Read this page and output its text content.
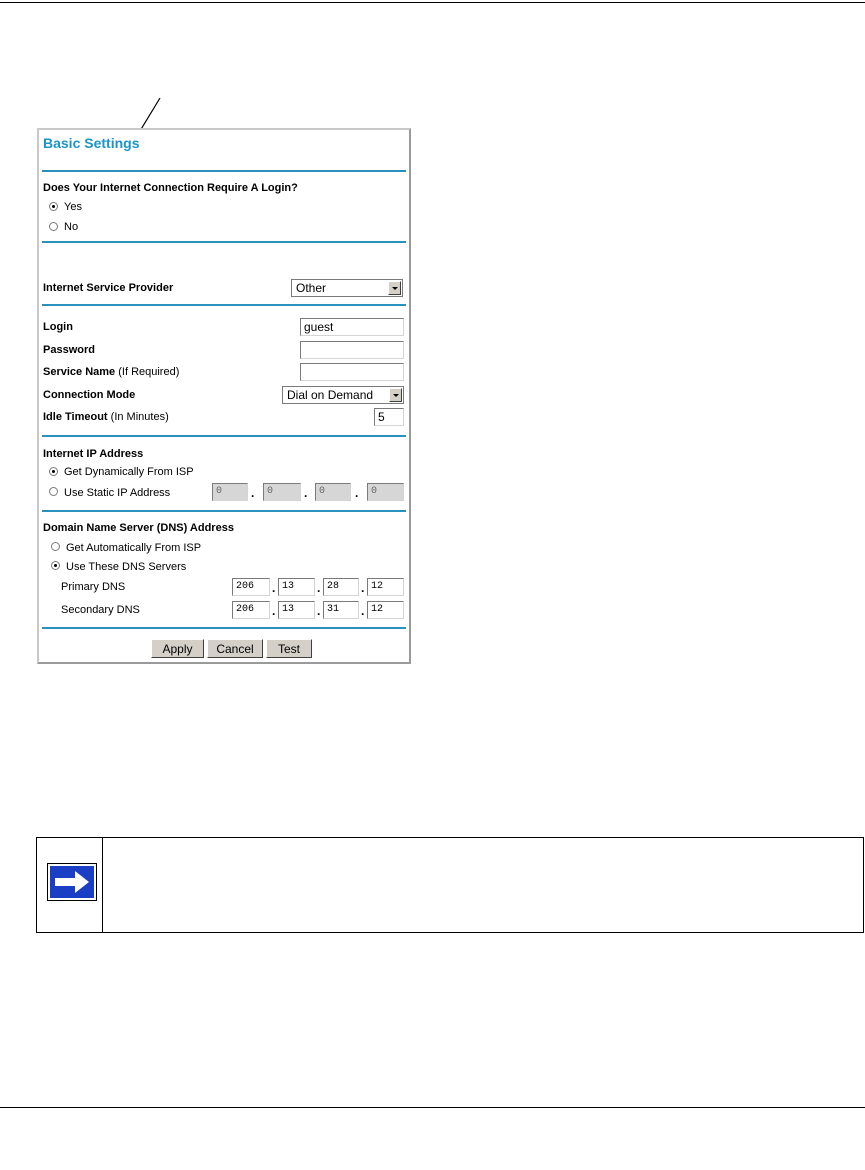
Basic Settings
Does Your Internet Connection Require A Login?
Yes
No
Internet Service Provider	Other
Login	guest
Password
Service Name (If Required)
Connection Mode	Dial on Demand
Idle Timeout (In Minutes)	5
Internet IP Address
Get Dynamically From ISP
Use Static IP Address	0	.	0	.	0	.	0
Domain Name Server (DNS) Address
Get Automatically From ISP
Use These DNS Servers
Primary DNS	206	. 13	. 28	. 12
Secondary DNS	206	. 13	. 31	. 12
Apply	Cancel	Test
